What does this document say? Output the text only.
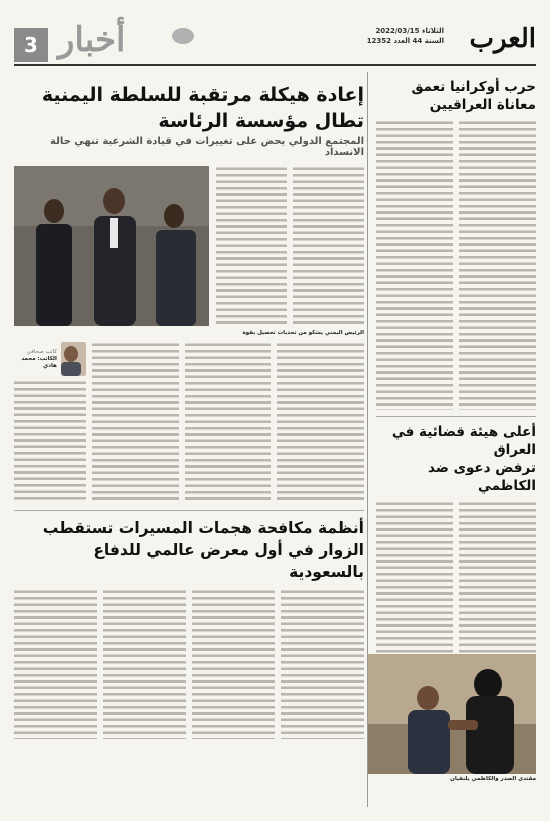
العرب
الثلاثاء 2022/03/15
السنة 44 العدد 12352
3 أخبار
حرب أوكرانيا تعمق
معاناة العراقيين
أعلى هيئة قضائية في العراق
ترفض دعوى ضد الكاظمي
إعادة هيكلة مرتقبة للسلطة اليمنية
تطال مؤسسة الرئاسة
المجتمع الدولي يحض على تغييرات في قيادة الشرعية تنهي حالة الانسداد
الرئيس اليمني يشكو من تحديات تحصيل بقوة
كاتب صحافي
الكاتب: محمد هادي
أنظمة مكافحة هجمات المسيرات تستقطب
الزوار في أول معرض عالمي للدفاع بالسعودية
مقتدى الصدر والكاظمي يلتقيان
